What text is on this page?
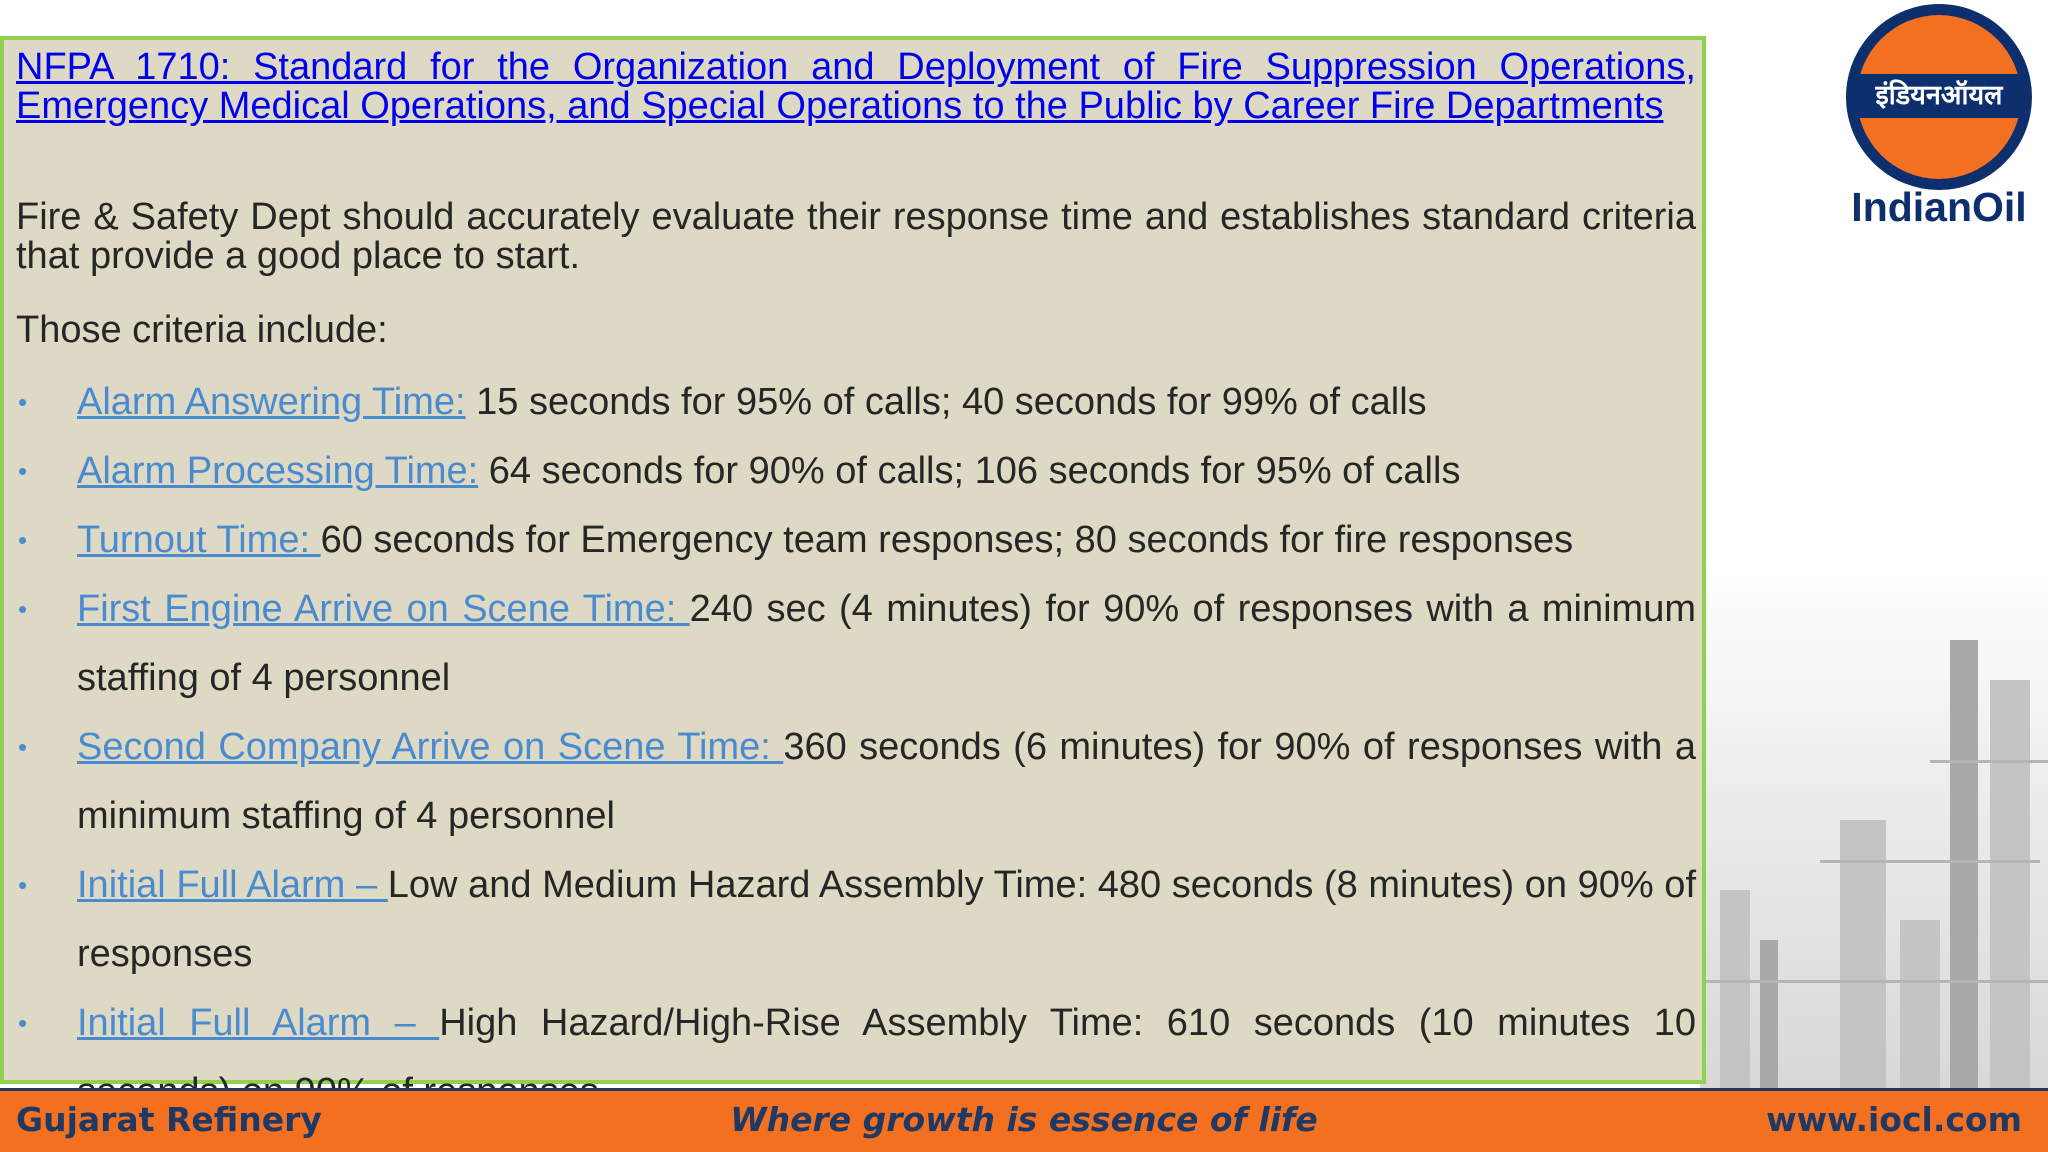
NFPA 1710: Standard for the Organization and Deployment of Fire Suppression Operations, Emergency Medical Operations, and Special Operations to the Public by Career Fire Departments

Fire & Safety Dept should accurately evaluate their response time and establishes standard criteria that provide a good place to start.

Those criteria include:

• Alarm Answering Time: 15 seconds for 95% of calls; 40 seconds for 99% of calls
• Alarm Processing Time: 64 seconds for 90% of calls; 106 seconds for 95% of calls
• Turnout Time: 60 seconds for Emergency team responses; 80 seconds for fire responses
• First Engine Arrive on Scene Time: 240 sec (4 minutes) for 90% of responses with a minimum staffing of 4 personnel
• Second Company Arrive on Scene Time: 360 seconds (6 minutes) for 90% of responses with a minimum staffing of 4 personnel
• Initial Full Alarm – Low and Medium Hazard Assembly Time: 480 seconds (8 minutes) on 90% of responses
• Initial Full Alarm – High Hazard/High-Rise Assembly Time: 610 seconds (10 minutes 10
इंडियनऑयल
IndianOil
Gujarat Refinery	Where growth is essence of life	www.iocl.com
